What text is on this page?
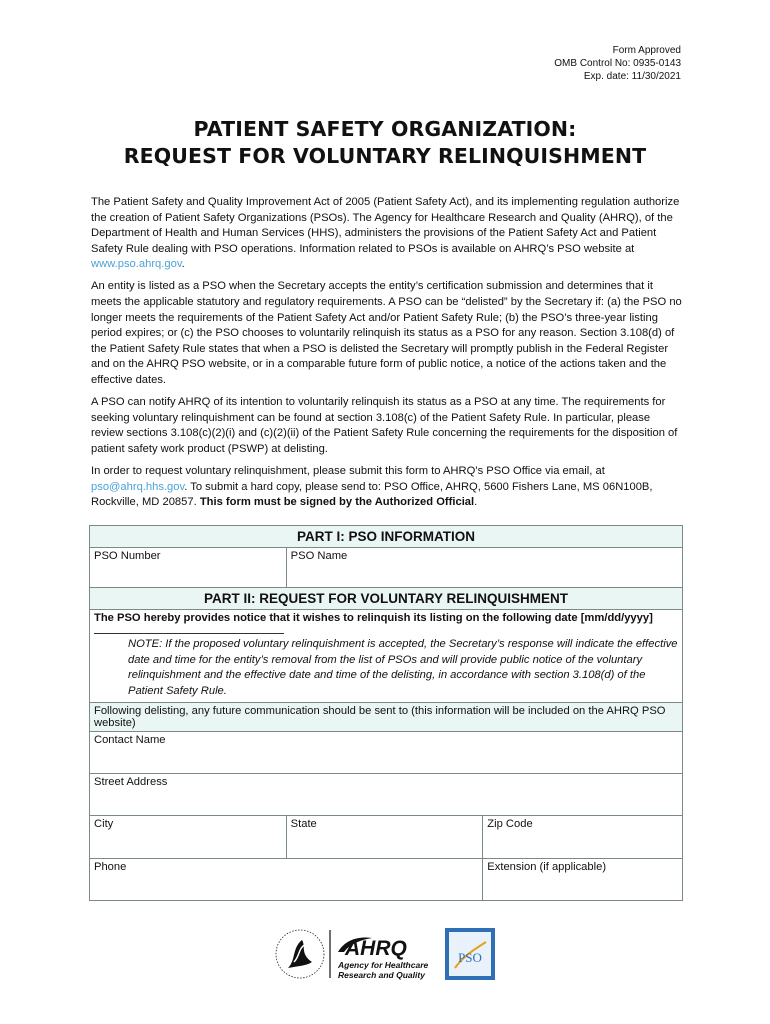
Form Approved
OMB Control No: 0935-0143
Exp. date: 11/30/2021
PATIENT SAFETY ORGANIZATION:
REQUEST FOR VOLUNTARY RELINQUISHMENT

The Patient Safety and Quality Improvement Act of 2005 (Patient Safety Act), and its implementing regulation authorize the creation of Patient Safety Organizations (PSOs). The Agency for Healthcare Research and Quality (AHRQ), of the Department of Health and Human Services (HHS), administers the provisions of the Patient Safety Act and Patient Safety Rule dealing with PSO operations. Information related to PSOs is available on AHRQ’s PSO website at www.pso.ahrq.gov.

An entity is listed as a PSO when the Secretary accepts the entity’s certification submission and determines that it meets the applicable statutory and regulatory requirements. A PSO can be “delisted” by the Secretary if: (a) the PSO no longer meets the requirements of the Patient Safety Act and/or Patient Safety Rule; (b) the PSO’s three-year listing period expires; or (c) the PSO chooses to voluntarily relinquish its status as a PSO for any reason. Section 3.108(d) of the Patient Safety Rule states that when a PSO is delisted the Secretary will promptly publish in the Federal Register and on the AHRQ PSO website, or in a comparable future form of public notice, a notice of the actions taken and the effective dates.

A PSO can notify AHRQ of its intention to voluntarily relinquish its status as a PSO at any time. The requirements for seeking voluntary relinquishment can be found at section 3.108(c) of the Patient Safety Rule. In particular, please review sections 3.108(c)(2)(i) and (c)(2)(ii) of the Patient Safety Rule concerning the requirements for the disposition of patient safety work product (PSWP) at delisting.

In order to request voluntary relinquishment, please submit this form to AHRQ’s PSO Office via email, at pso@ahrq.hhs.gov. To submit a hard copy, please send to: PSO Office, AHRQ, 5600 Fishers Lane, MS 06N100B, Rockville, MD 20857. This form must be signed by the Authorized Official.

PART I: PSO INFORMATION		
PSO Number	PSO Name	
PART II: REQUEST FOR VOLUNTARY RELINQUISHMENT		

The PSO hereby provides notice that it wishes to relinquish its listing on the following date [mm/dd/yyyy]
NOTE: If the proposed voluntary relinquishment is accepted, the Secretary’s response will indicate the effective date and time for the entity’s removal from the list of PSOs and will provide public notice of the voluntary relinquishment and the effective date and time of the delisting, in accordance with section 3.108(d) of the Patient Safety Rule.		

Following delisting, any future communication should be sent to (this information will be included on the AHRQ PSO website)		
Contact Name		
Street Address		
City	State	Zip Code
Phone		Extension (if applicable)
AHRQ
Agency for Healthcare
Research and Quality
PSO
